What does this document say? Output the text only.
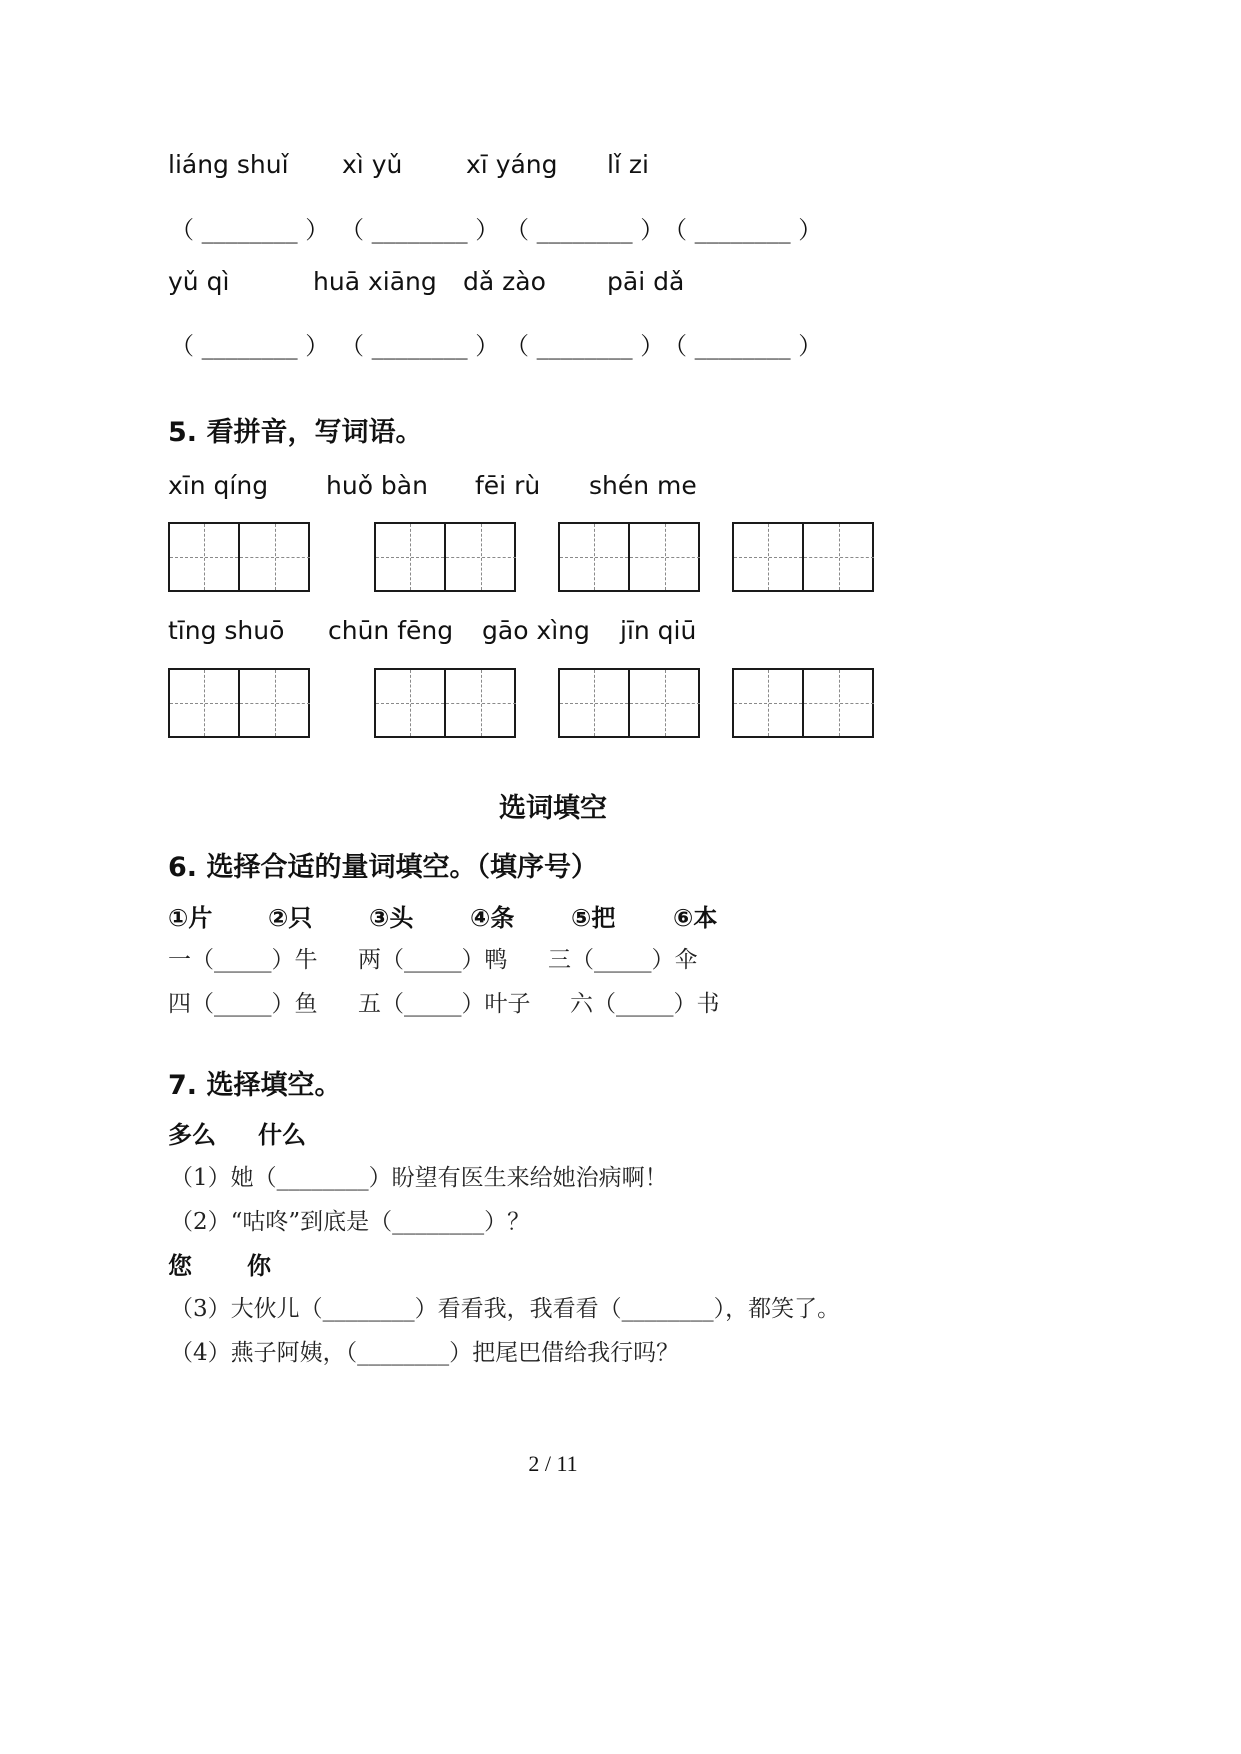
liáng shuǐ xì yǔ	xī yáng lǐ zi
（ ________ ） （ ________ ） （ ________ ）
（ ________ ）
yǔ qì	huā xiāng dǎ zào pāi dǎ
（ ________ ） （ ________ ） （ ________ ）
（ ________ ）
5. 看拼音，写词语。
xīn qíng huǒ bàn fēi rù shén me
tīng shuō chūn fēng gāo xìng jīn qiū
选词填空
6. 选择合适的量词填空。（填序号）
①片 ②只 ③头 ④条 ⑤把 ⑥本
一（_____）牛 两（_____）鸭 三（_____）伞
四（_____）鱼 五（_____）叶子 六（_____）书
7. 选择填空。
多么 什么
（1）她（________）盼望有医生来给她治病啊！
（2）“咕咚”到底是（________）？
您 你
（3）大伙儿（________）看看我，我看看（________），都笑了。
（4）燕子阿姨，（________）把尾巴借给我行吗？
2 / 11
